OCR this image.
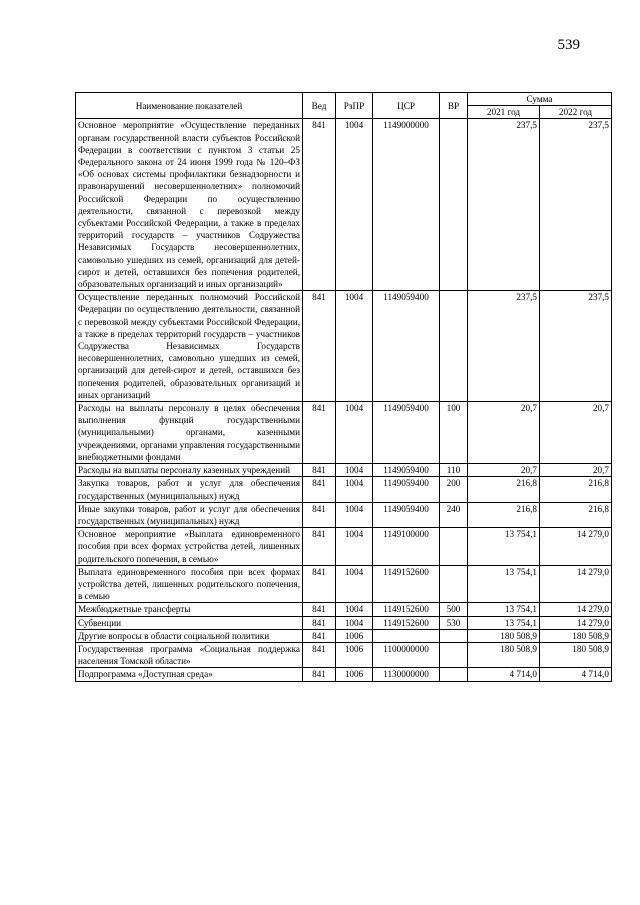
539
Наименование показателей	Вед	РзПР	ЦСР	ВР	Сумма	
					2021 год	2022 год
Основное мероприятие «Осуществление переданных органам государственной власти субъектов Российской Федерации в соответствии с пунктом 3 статьи 25 Федерального закона от 24 июня 1999 года № 120–ФЗ «Об основах системы профилактики безнадзорности и правонарушений несовершеннолетних» полномочий Российской Федерации по осуществлению деятельности, связанной с перевозкой между субъектами Российской Федерации, а также в пределах территорий государств – участников Содружества Независимых Государств несовершеннолетних, самовольно ушедших из семей, организаций для детей-сирот и детей, оставшихся без попечения родителей, образовательных организаций и иных организаций»	841	1004	1149000000		237,5	237,5
Осуществление переданных полномочий Российской Федерации по осуществлению деятельности, связанной с перевозкой между субъектами Российской Федерации, а также в пределах территорий государств – участников Содружества Независимых Государств несовершеннолетних, самовольно ушедших из семей, организаций для детей-сирот и детей, оставшихся без попечения родителей, образовательных организаций и иных организаций	841	1004	1149059400		237,5	237,5
Расходы на выплаты персоналу в целях обеспечения выполнения функций государственными (муниципальными) органами, казенными учреждениями, органами управления государственными внебюджетными фондами	841	1004	1149059400	100	20,7	20,7
Расходы на выплаты персоналу казенных учреждений	841	1004	1149059400	110	20,7	20,7
Закупка товаров, работ и услуг для обеспечения государственных (муниципальных) нужд	841	1004	1149059400	200	216,8	216,8
Иные закупки товаров, работ и услуг для обеспечения государственных (муниципальных) нужд	841	1004	1149059400	240	216,8	216,8
Основное мероприятие «Выплата единовременного пособия при всех формах устройства детей, лишенных родительского попечения, в семью»	841	1004	1149100000		13 754,1	14 279,0
Выплата единовременного пособия при всех формах устройства детей, лишенных родительского попечения, в семью	841	1004	1149152600		13 754,1	14 279,0
Межбюджетные трансферты	841	1004	1149152600	500	13 754,1	14 279,0
Субвенции	841	1004	1149152600	530	13 754,1	14 279,0
Другие вопросы в области социальной политики	841	1006			180 508,9	180 508,9
Государственная программа «Социальная поддержка населения Томской области»	841	1006	1100000000		180 508,9	180 508,9
Подпрограмма «Доступная среда»	841	1006	1130000000		4 714,0	4 714,0
